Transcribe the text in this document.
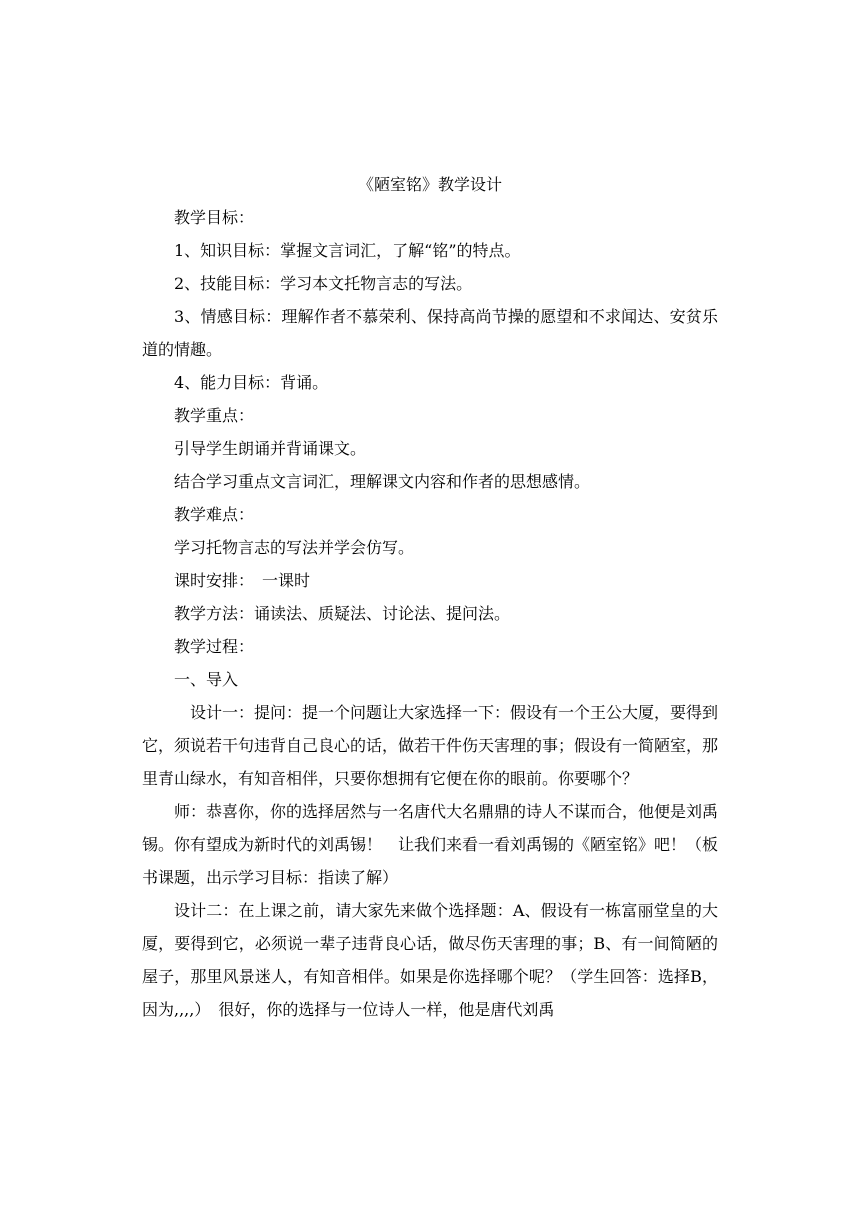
《陋室铭》教学设计

教学目标：

1、知识目标：掌握文言词汇，了解“铭”的特点。

2、技能目标：学习本文托物言志的写法。

3、情感目标：理解作者不慕荣利、保持高尚节操的愿望和不求闻达、安贫乐道的情趣。

4、能力目标：背诵。

教学重点：

引导学生朗诵并背诵课文。

结合学习重点文言词汇，理解课文内容和作者的思想感情。

教学难点：

学习托物言志的写法并学会仿写。

课时安排：　一课时

教学方法：诵读法、质疑法、讨论法、提问法。

教学过程：

一、导入

设计一：提问：提一个问题让大家选择一下：假设有一个王公大厦，要得到它，须说若干句违背自己良心的话，做若干件伤天害理的事；假设有一简陋室，那里青山绿水，有知音相伴，只要你想拥有它便在你的眼前。你要哪个？

师：恭喜你，你的选择居然与一名唐代大名鼎鼎的诗人不谋而合，他便是刘禹锡。你有望成为新时代的刘禹锡！　让我们来看一看刘禹锡的《陋室铭》吧！（板书课题，出示学习目标：指读了解）

设计二：在上课之前，请大家先来做个选择题：A、假设有一栋富丽堂皇的大厦，要得到它，必须说一辈子违背良心话，做尽伤天害理的事；B、有一间简陋的屋子，那里风景迷人，有知音相伴。如果是你选择哪个呢？（学生回答：选择B，因为,,,,）　很好，你的选择与一位诗人一样，他是唐代刘禹
